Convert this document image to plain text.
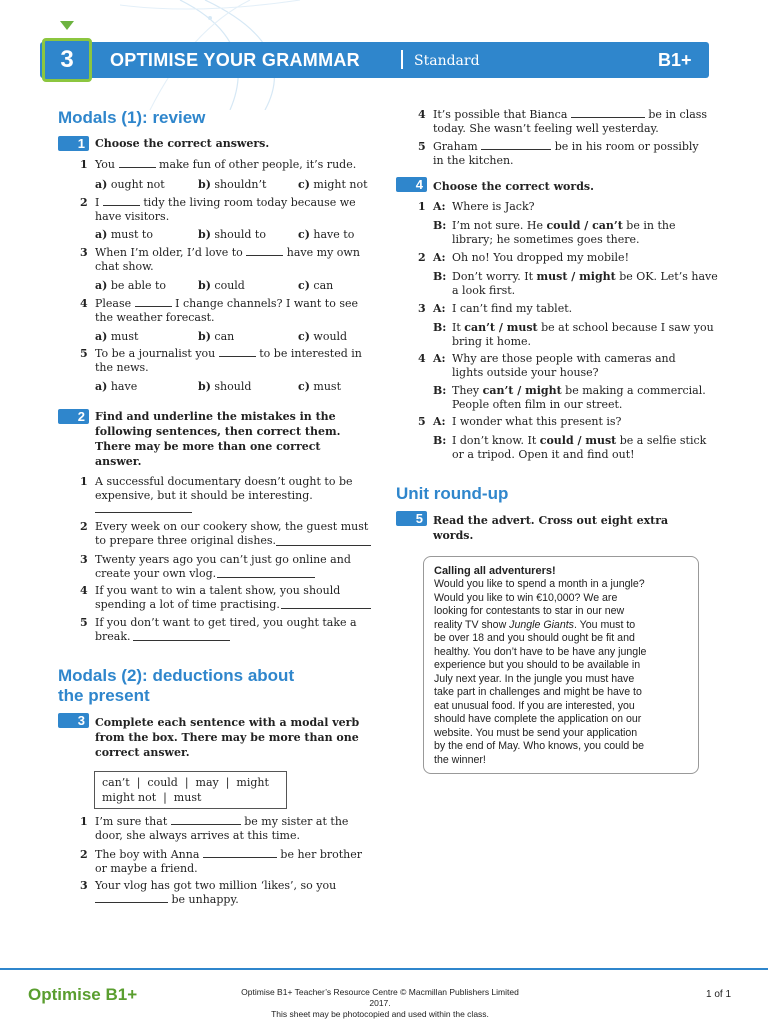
3	OPTIMISE YOUR GRAMMAR	Standard	B1+
Modals (1): review
1 Choose the correct answers.
1 You	make fun of other people, it’s rude.
a) ought not	b) shouldn’t	c) might not
2 I	tidy the living room today because we
have visitors.
a) must to	b) should to	c) have to
3 When I’m older, I’d love to	have my own
chat show.
a) be able to	b) could	c) can
4 Please	I change channels? I want to see
the weather forecast.
a) must	b) can	c) would
5 To be a journalist you	to be interested in
the news.
a) have	b) should	c) must
2 Find and underline the mistakes in the
following sentences, then correct them.
There may be more than one correct
answer.
1 A successful documentary doesn’t ought to be
expensive, but it should be interesting.
2 Every week on our cookery show, the guest must
to prepare three original dishes.
3 Twenty years ago you can’t just go online and
create your own vlog.
4 If you want to win a talent show, you should
spending a lot of time practising.
5 If you don’t want to get tired, you ought take a
break.
Modals (2): deductions about
the present
3 Complete each sentence with a modal verb
from the box. There may be more than one
correct answer.
can’t  |  could  |  may  |  might
might not  |  must
1 I’m sure that	be my sister at the
door, she always arrives at this time.
2 The boy with Anna	be her brother
or maybe a friend.
3 Your vlog has got two million ‘likes’, so you
be unhappy.
4 It’s possible that Bianca	be in class
today. She wasn’t feeling well yesterday.
5 Graham	be in his room or possibly
in the kitchen.
4 Choose the correct words.
1 A: Where is Jack?
B: I’m not sure. He could / can’t be in the
library; he sometimes goes there.
2 A: Oh no! You dropped my mobile!
B: Don’t worry. It must / might be OK. Let’s have
a look first.
3 A: I can’t find my tablet.
B: It can’t / must be at school because I saw you
bring it home.
4 A: Why are those people with cameras and
lights outside your house?
B: They can’t / might be making a commercial.
People often film in our street.
5 A: I wonder what this present is?
B: I don’t know. It could / must be a selfie stick
or a tripod. Open it and find out!
Unit round-up
5 Read the advert. Cross out eight extra
words.
Calling all adventurers!
Would you like to spend a month in a jungle?
Would you like to win €10,000? We are
looking for contestants to star in our new
reality TV show Jungle Giants. You must to
be over 18 and you should ought be fit and
healthy. You don’t have to be have any jungle
experience but you should to be available in
July next year. In the jungle you must have
take part in challenges and might be have to
eat unusual food. If you are interested, you
should have complete the application on our
website. You must be send your application
by the end of May. Who knows, you could be
the winner!
Optimise B1+	Optimise B1+ Teacher’s Resource Centre © Macmillan Publishers Limited 2017.
This sheet may be photocopied and used within the class.
1 of 1
